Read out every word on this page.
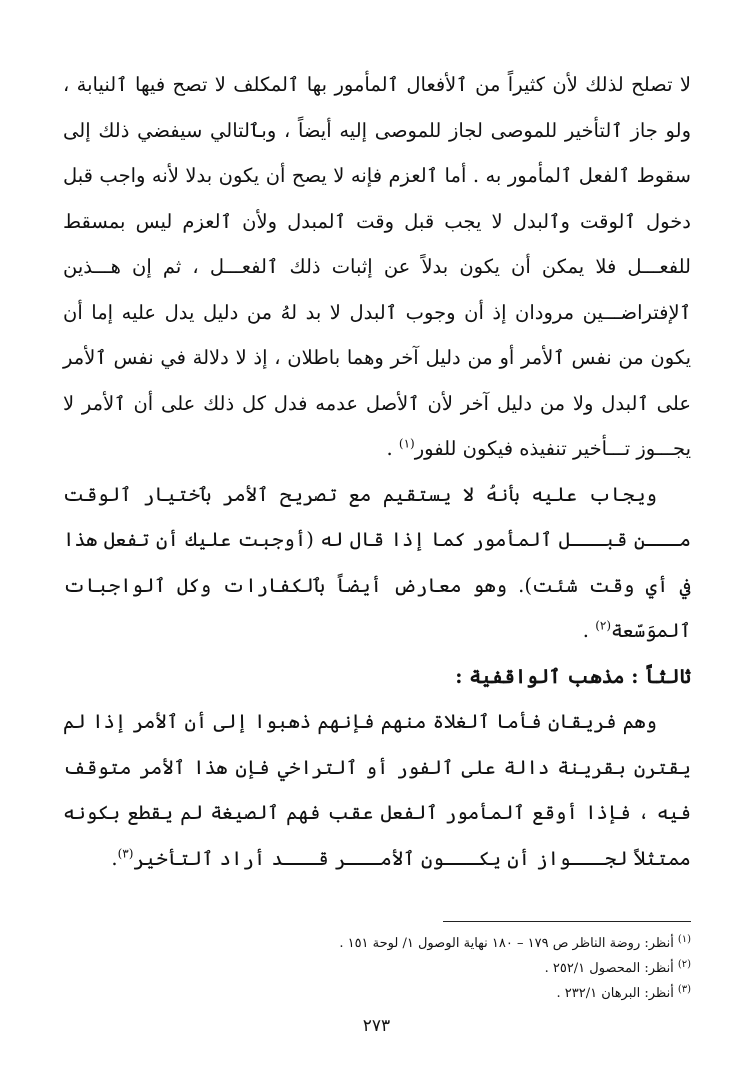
لا تصلح لذلك لأن كثيراً من ٱلأفعال ٱلمأمور بها ٱلمكلف لا تصح فيها ٱلنيابة ، ولو جاز ٱلتأخير للموصى لجاز للموصى إليه أيضاً ، وبٱلتالي سيفضي ذلك إلى سقوط ٱلفعل ٱلمأمور به . أما ٱلعزم فإنه لا يصح أن يكون بدلا لأنه واجب قبل دخول ٱلوقت وٱلبدل لا يجب قبل وقت ٱلمبدل ولأن ٱلعزم ليس بمسقط للفعـــل فلا يمكن أن يكون بدلاً عن إثبات ذلك ٱلفعـــل ، ثم إن هـــذين ٱلإفتراضـــين مرودان إذ أن وجوب ٱلبدل لا بد لهُ من دليل يدل عليه إما أن يكون من نفس ٱلأمر أو من دليل آخر وهما باطلان ، إذ لا دلالة في نفس ٱلأمر على ٱلبدل ولا من دليل آخر لأن ٱلأصل عدمه فدل كل ذلك على أن ٱلأمر لا يجـــوز تـــأخير تنفيذه فيكون للفور$^{(١)}$ .

ويجاب عليه بأنهُ لا يستقيم مع تصريح ٱلأمر بٱختيار ٱلوقت مـــن قبـــل ٱلمأمور كما إذا قال له (أوجبت عليك أن تفعل هذا في أي وقت شئت). وهو معارض أيضاً بٱلكفارات وكل ٱلواجبات ٱلموَسّعة$^{(٢)}$ .

ثالثاً : مذهب ٱلواقفية :

وهم فريقان فأما ٱلغلاة منهم فإنهم ذهبوا إلى أن ٱلأمر إذا لم يقترن بقرينة دالة على ٱلفور أو ٱلتراخي فإن هذا ٱلأمر متوقف فيه ، فإذا أوقع ٱلمأمور ٱلفعل عقب فهم ٱلصيغة لم يقطع بكونه ممتثلاً لجـــواز أن يكـــون ٱلأمـــر قـــد أراد ٱلتأخير$^{(٣)}$.

$^{(١)}$أنظر: روضة الناظر ص ١٧٩ – ١٨٠ نهاية الوصول ١/ لوحة ١٥١ .

$^{(٢)}$أنظر: المحصول ٢٥٢/١ .

$^{(٣)}$أنظر: البرهان ٢٣٢/١ .

٢٧٣
